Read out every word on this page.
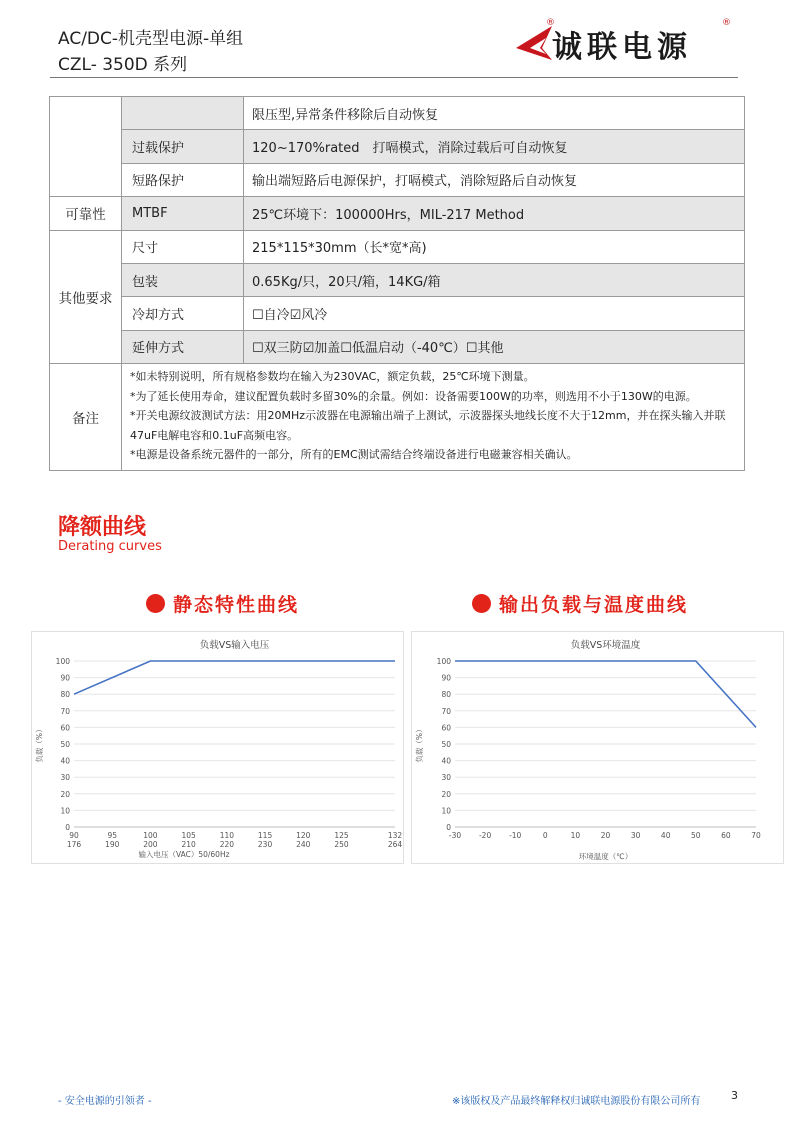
AC/DC-机壳型电源-单组
CZL- 350D 系列
®
诚联电源
®
		限压型,异常条件移除后自动恢复
	过载保护	120~170%rated　打嗝模式，消除过载后可自动恢复
	短路保护	输出端短路后电源保护，打嗝模式，消除短路后自动恢复
可靠性	MTBF	25℃环境下：100000Hrs，MIL-217 Method
其他要求	尺寸	215*115*30mm（长*宽*高)
	包装	0.65Kg/只，20只/箱，14KG/箱
	冷却方式	☐自冷☑风冷
	延伸方式	☐双三防☑加盖☐低温启动（-40℃）☐其他
备注	*如未特别说明，所有规格参数均在输入为230VAC，额定负载，25℃环境下测量。

*为了延长使用寿命，建议配置负载时多留30%的余量。例如：设备需要100W的功率，则选用不小于130W的电源。

*开关电源纹波测试方法：用20MHz示波器在电源输出端子上测试，示波器探头地线长度不大于12mm，并在探头输入并联47uF电解电容和0.1uF高频电容。

*电源是设备系统元器件的一部分，所有的EMC测试需结合终端设备进行电磁兼容相关确认。	

降额曲线
Derating curves
静态特性曲线	输出负载与温度曲线
负载VS输入电压
0
10
20
30
40
50
60
70
80
90
100
90
176
95
190
100
200
105
210
110
220
115
230
120
240
125
250
132
264
输入电压（VAC）50/60Hz
负载（%）
负载VS环境温度
0
10
20
30
40
50
60
70
80
90
100
-30 -20 -10	0	10	20	30	40	50	60	70
环境温度（℃）
负载（%）
- 安全电源的引领者 -	※该版权及产品最终解释权归诚联电源股份有限公司所有	3
